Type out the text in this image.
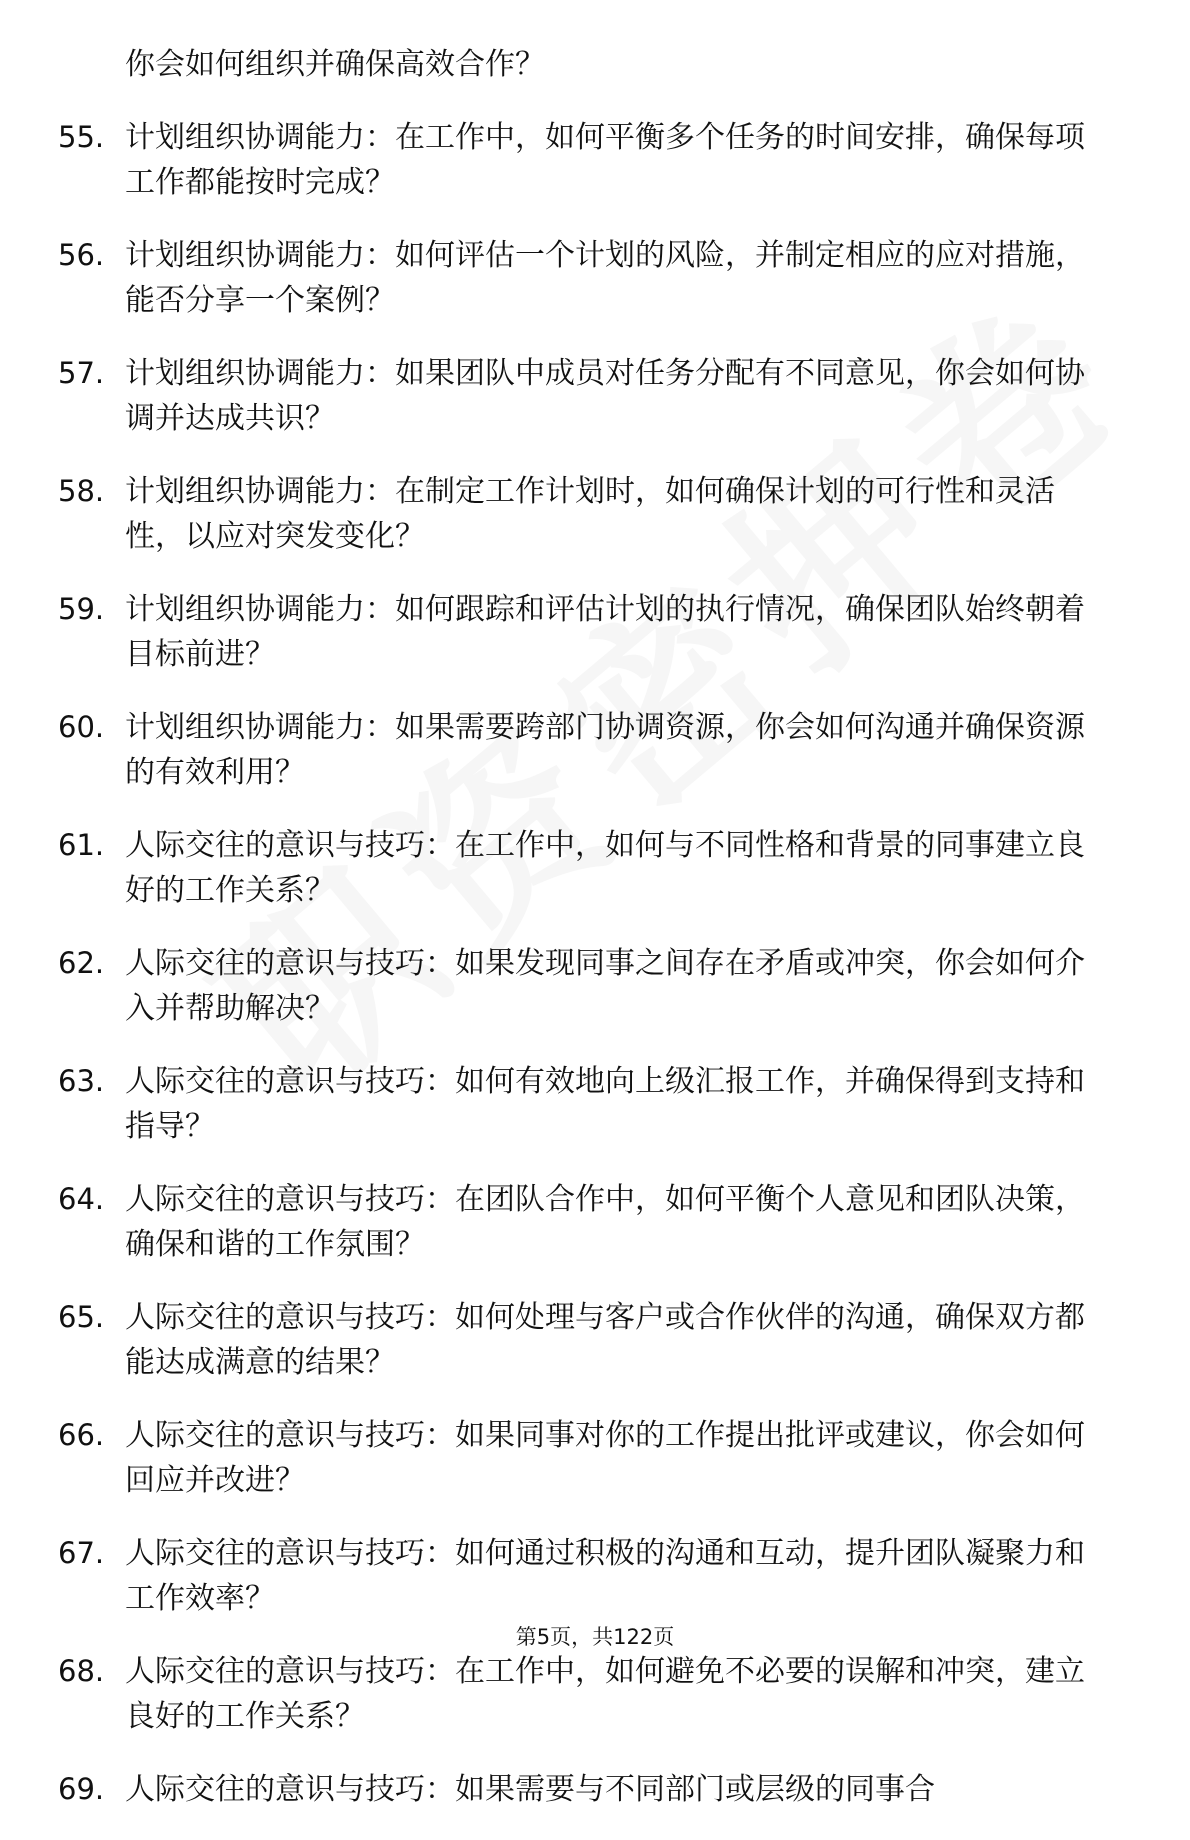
你会如何组织并确保高效合作？
55. 计划组织协调能力：在工作中，如何平衡多个任务的时间安排，确保每项工作都能按时完成？
56. 计划组织协调能力：如何评估一个计划的风险，并制定相应的应对措施，能否分享一个案例？
57. 计划组织协调能力：如果团队中成员对任务分配有不同意见，你会如何协调并达成共识？
58. 计划组织协调能力：在制定工作计划时，如何确保计划的可行性和灵活性，以应对突发变化？
59. 计划组织协调能力：如何跟踪和评估计划的执行情况，确保团队始终朝着目标前进？
60. 计划组织协调能力：如果需要跨部门协调资源，你会如何沟通并确保资源的有效利用？
61. 人际交往的意识与技巧：在工作中，如何与不同性格和背景的同事建立良好的工作关系？
62. 人际交往的意识与技巧：如果发现同事之间存在矛盾或冲突，你会如何介入并帮助解决？
63. 人际交往的意识与技巧：如何有效地向上级汇报工作，并确保得到支持和指导？
64. 人际交往的意识与技巧：在团队合作中，如何平衡个人意见和团队决策，确保和谐的工作氛围？
65. 人际交往的意识与技巧：如何处理与客户或合作伙伴的沟通，确保双方都能达成满意的结果？
66. 人际交往的意识与技巧：如果同事对你的工作提出批评或建议，你会如何回应并改进？
67. 人际交往的意识与技巧：如何通过积极的沟通和互动，提升团队凝聚力和工作效率？
68. 人际交往的意识与技巧：在工作中，如何避免不必要的误解和冲突，建立良好的工作关系？
69. 人际交往的意识与技巧：如果需要与不同部门或层级的同事合
第5页，共122页
